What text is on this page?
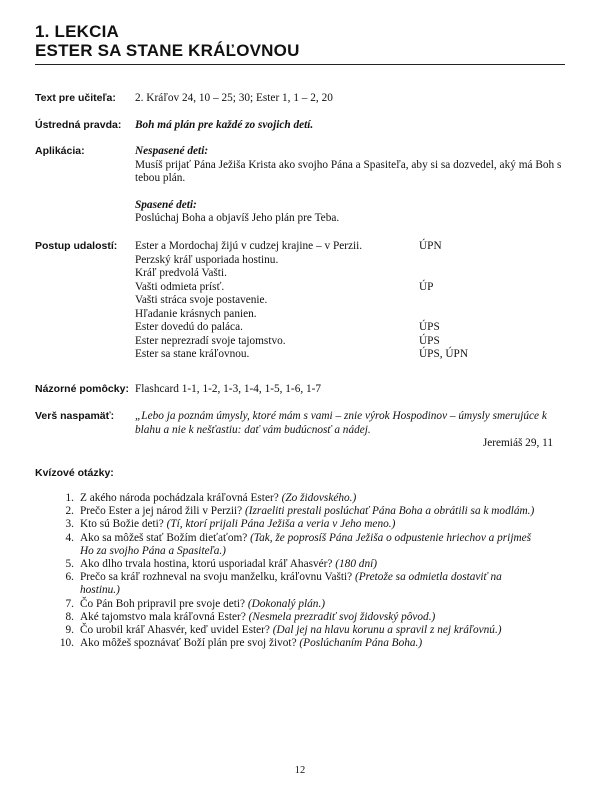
1. LEKCIA
ESTER SA STANE KRÁĽOVNOU
Text pre učiteľa: 2. Kráľov 24, 10 – 25; 30; Ester 1, 1 – 2, 20
Ústredná pravda: Boh má plán pre každé zo svojich detí.
Aplikácia:	Nespasené deti:
Musíš prijať Pána Ježiša Krista ako svojho Pána a Spasiteľa, aby si sa dozvedel, aký má Boh s tebou plán.
Spasené deti:
Poslúchaj Boha a objavíš Jeho plán pre Teba.
Postup udalostí: Ester a Mordochaj žijú v cudzej krajine – v Perzii.	ÚPN
Perzský kráľ usporiada hostinu.
Kráľ predvolá Vašti.
Vašti odmieta prísť.	ÚP
Vašti stráca svoje postavenie.
Hľadanie krásnych panien.
Ester dovedú do paláca.	ÚPS
Ester neprezradí svoje tajomstvo.	ÚPS
Ester sa stane kráľovnou.	ÚPS, ÚPN
Názorné pomôcky: Flashcard 1-1, 1-2, 1-3, 1-4, 1-5, 1-6, 1-7
Verš naspamäť: „Lebo ja poznám úmysly, ktoré mám s vami – znie výrok Hospodinov – úmysly smerujúce k blahu a nie k nešťastiu: dať vám budúcnosť a nádej.
Jeremiáš 29, 11
Kvízové otázky:
1. Z akého národa pochádzala kráľovná Ester? (Zo židovského.)
2. Prečo Ester a jej národ žili v Perzii? (Izraeliti prestali poslúchať Pána Boha a obrátili sa k modlám.)
3. Kto sú Božie deti? (Tí, ktorí prijali Pána Ježiša a veria v Jeho meno.)
4. Ako sa môžeš stať Božím dieťaťom? (Tak, že poprosíš Pána Ježiša o odpustenie hriechov a prijmeš Ho za svojho Pána a Spasiteľa.)
5. Ako dlho trvala hostina, ktorú usporiadal kráľ Ahasvér? (180 dní)
6. Prečo sa kráľ rozhneval na svoju manželku, kráľovnu Vašti? (Pretože sa odmietla dostaviť na hostinu.)
7. Čo Pán Boh pripravil pre svoje deti? (Dokonalý plán.)
8. Aké tajomstvo mala kráľovná Ester? (Nesmela prezradiť svoj židovský pôvod.)
9. Čo urobil kráľ Ahasvér, keď uvidel Ester? (Dal jej na hlavu korunu a spravil z nej kráľovnú.)
10. Ako môžeš spoznávať Boží plán pre svoj život? (Poslúchaním Pána Boha.)
12
